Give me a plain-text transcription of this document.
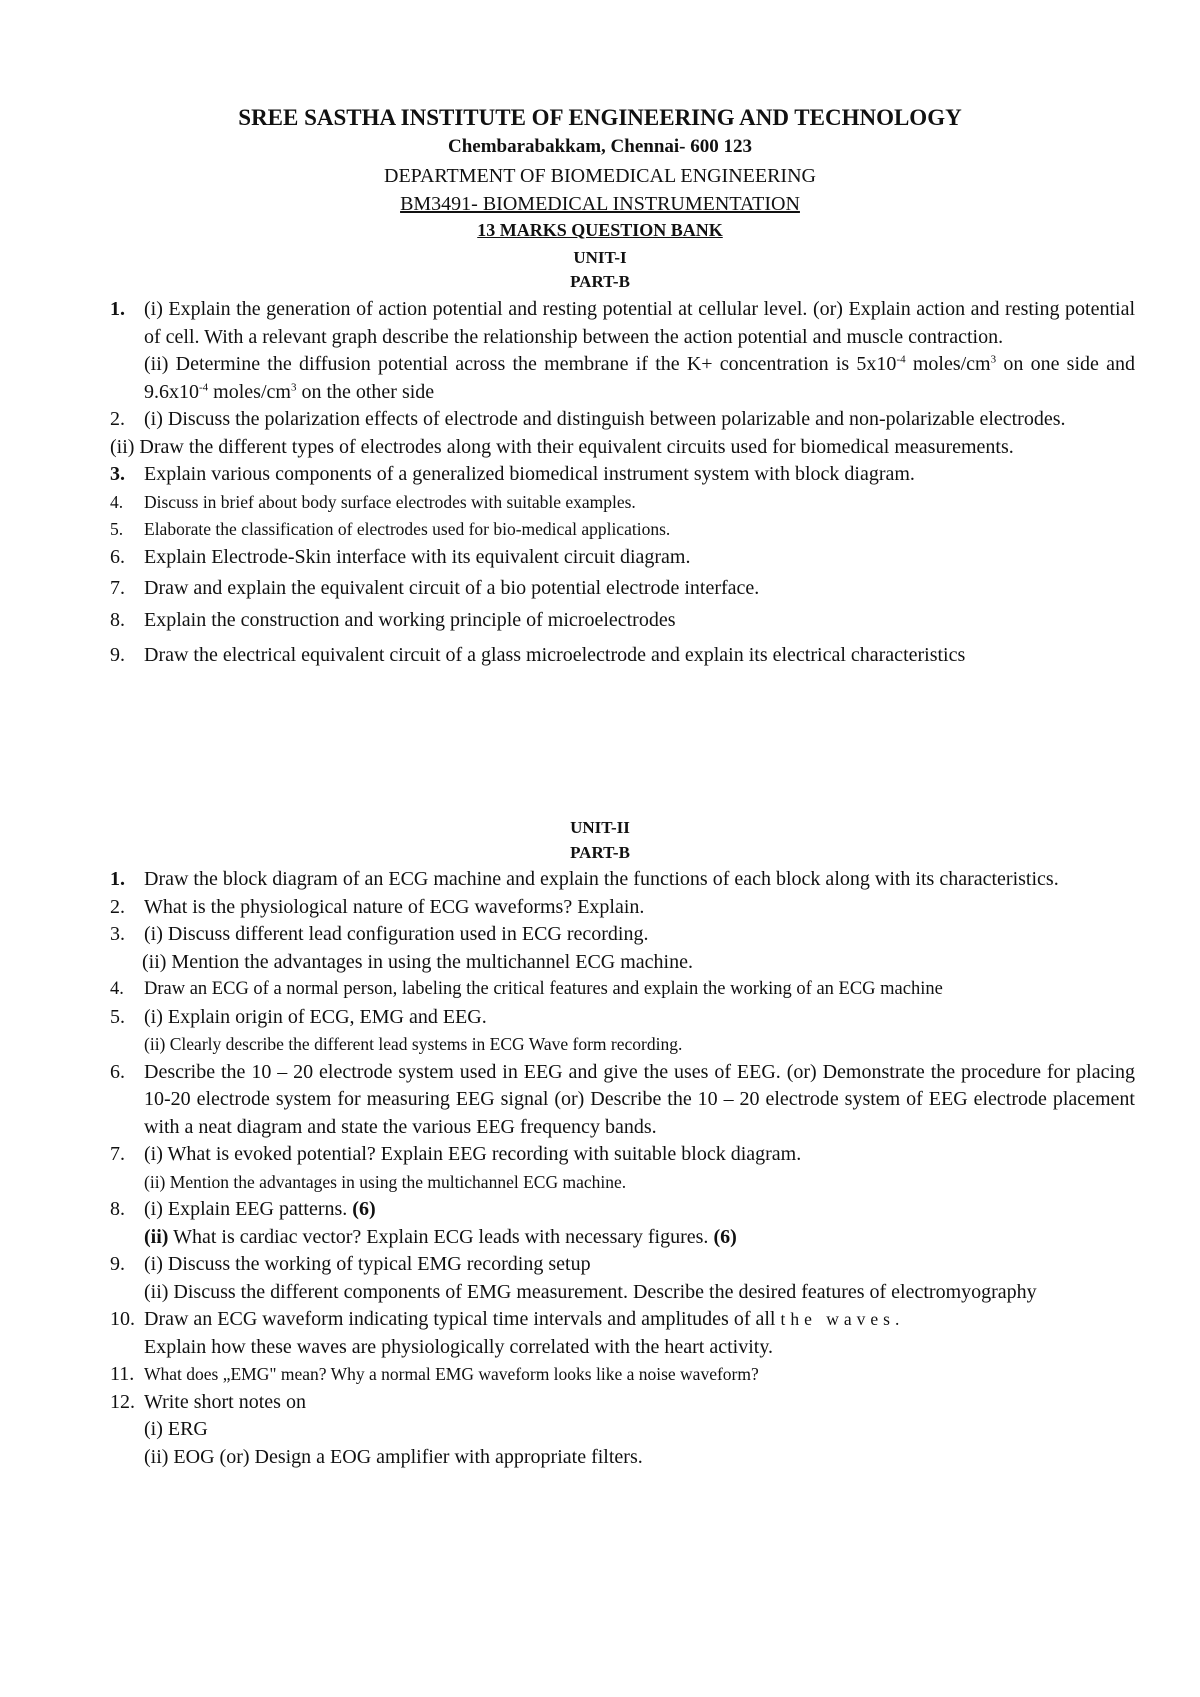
SREE SASTHA INSTITUTE OF ENGINEERING AND TECHNOLOGY
Chembarabakkam, Chennai- 600 123
DEPARTMENT OF BIOMEDICAL ENGINEERING
BM3491- BIOMEDICAL INSTRUMENTATION
13 MARKS QUESTION BANK
UNIT-I
PART-B
1. (i) Explain the generation of action potential and resting potential at cellular level. (or) Explain action and resting potential of cell. With a relevant graph describe the relationship between the action potential and muscle contraction.

(ii) Determine the diffusion potential across the membrane if the K+ concentration is $5x10^{-4}$ moles/$cm^3$ on one side and $9.6x10^{-4}$ moles/$cm^3$ on the other side

2. (i) Discuss the polarization effects of electrode and distinguish between polarizable and non-polarizable electrodes.

(ii) Draw the different types of electrodes along with their equivalent circuits used for biomedical measurements.

3. Explain various components of a generalized biomedical instrument system with block diagram.

4. Discuss in brief about body surface electrodes with suitable examples.

5. Elaborate the classification of electrodes used for bio-medical applications.

6. Explain Electrode-Skin interface with its equivalent circuit diagram.

7. Draw and explain the equivalent circuit of a bio potential electrode interface.

8. Explain the construction and working principle of microelectrodes

9. Draw the electrical equivalent circuit of a glass microelectrode and explain its electrical characteristics

UNIT-II
PART-B
1. Draw the block diagram of an ECG machine and explain the functions of each block along with its characteristics.

2. What is the physiological nature of ECG waveforms? Explain.

3. (i) Discuss different lead configuration used in ECG recording.

(ii) Mention the advantages in using the multichannel ECG machine.

4. Draw an ECG of a normal person, labeling the critical features and explain the working of an ECG machine

5. (i) Explain origin of ECG, EMG and EEG.

(ii) Clearly describe the different lead systems in ECG Wave form recording.

6. Describe the 10 – 20 electrode system used in EEG and give the uses of EEG. (or) Demonstrate the procedure for placing 10-20 electrode system for measuring EEG signal (or) Describe the 10 – 20 electrode system of EEG electrode placement with a neat diagram and state the various EEG frequency bands.

7. (i) What is evoked potential? Explain EEG recording with suitable block diagram.

(ii) Mention the advantages in using the multichannel ECG machine.

8. (i) Explain EEG patterns. (6)

(ii) What is cardiac vector? Explain ECG leads with necessary figures. (6)

9. (i) Discuss the working of typical EMG recording setup

(ii) Discuss the different components of EMG measurement. Describe the desired features of electromyography

10. Draw an ECG waveform indicating typical time intervals and amplitudes of all the waves.

Explain how these waves are physiologically correlated with the heart activity.

11. What does „EMG" mean? Why a normal EMG waveform looks like a noise waveform?

12. Write short notes on

(i) ERG

(ii) EOG (or) Design a EOG amplifier with appropriate filters.
